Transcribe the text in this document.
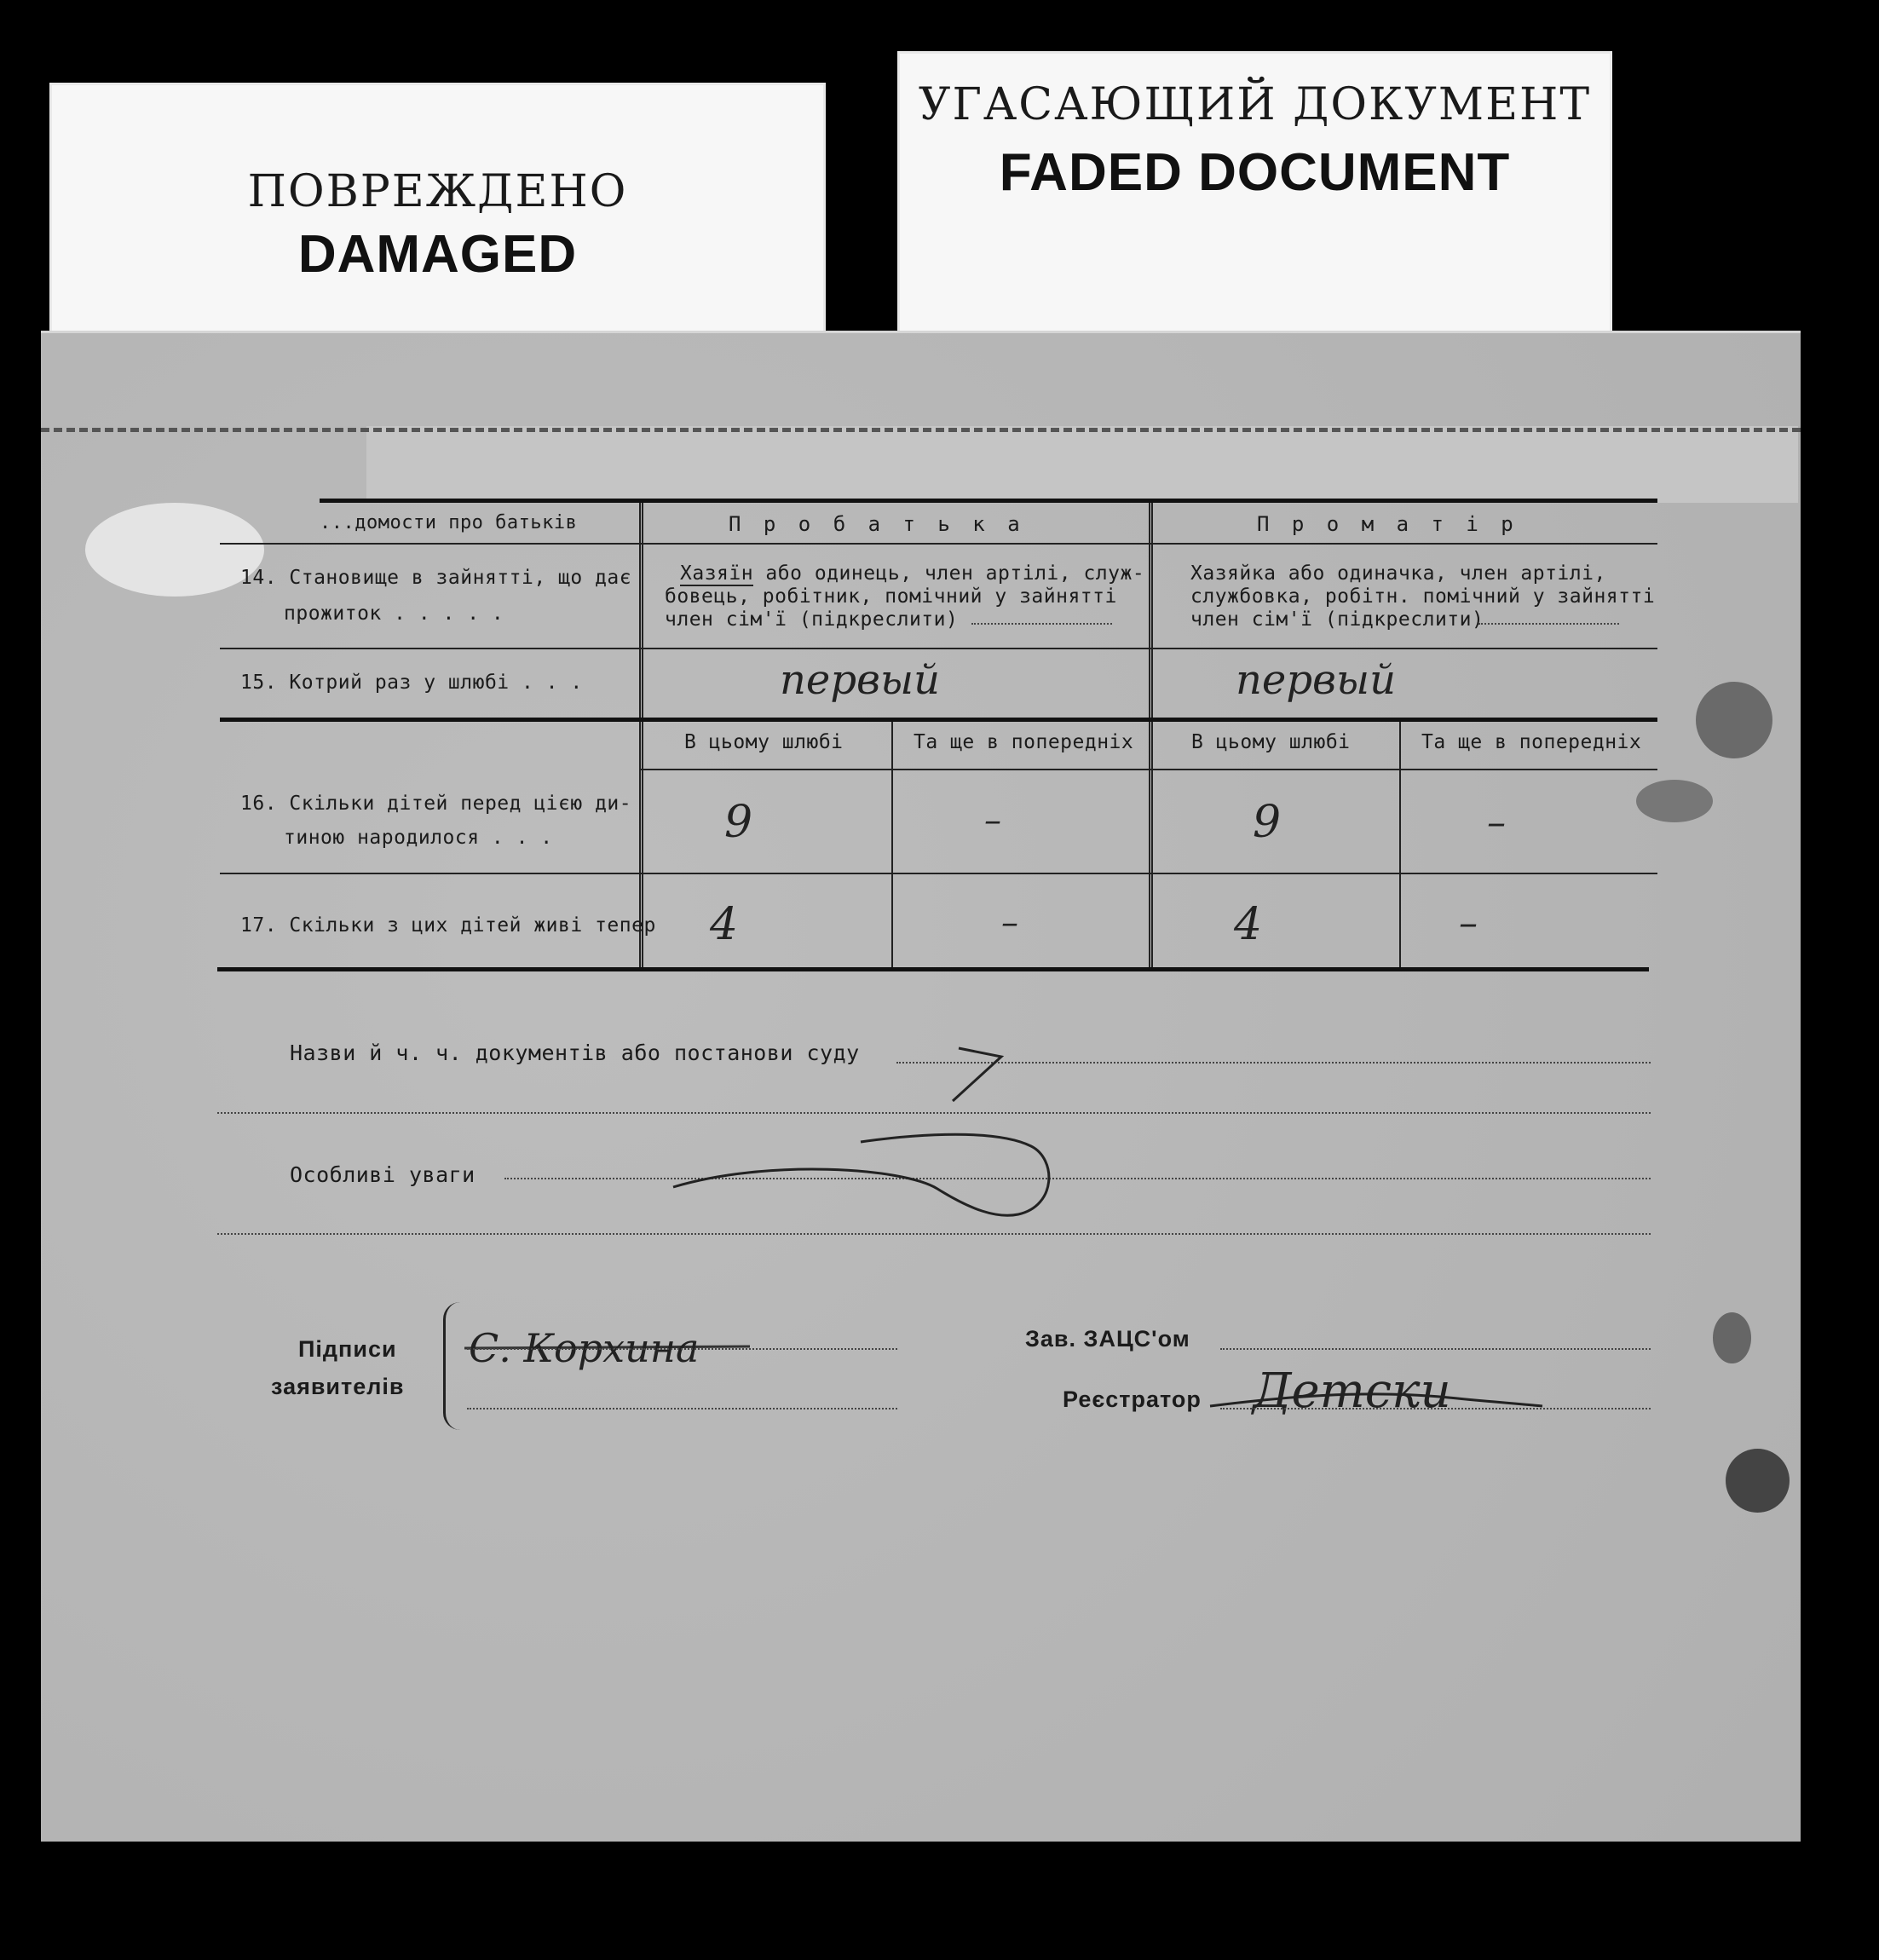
ПОВРЕЖДЕНО
DAMAGED
УГАСАЮЩИЙ ДОКУМЕНТ
FADED DOCUMENT
...домости про батьків	П р о б а т ь к а	П р о м а т і р
14. Становище в зайнятті, що дає
прожиток . . . . .
Хазяїн або одинець, член артілі, служ-
бовець, робітник, помічний у зайнятті
член сім'ї (підкреслити)
Хазяйка або одиначка, член артілі,
службовка, робітн. помічний у зайнятті
член сім'ї (підкреслити)
15. Котрий раз у шлюбі . . .	первый	первый
В цьому шлюбі	Та ще в попередніх	В цьому шлюбі	Та ще в попередніх
16. Скільки дітей перед цією ди-
тиною народилося . . .	9	–	9	–
17. Скільки з цих дітей живі тепер 4	–	4	–
Назви й ч. ч. документів або постанови суду
Особливі уваги
Підписи
заявителів
С. Корхина	Зав. ЗАЦС'ом
Реєстратор Детски
